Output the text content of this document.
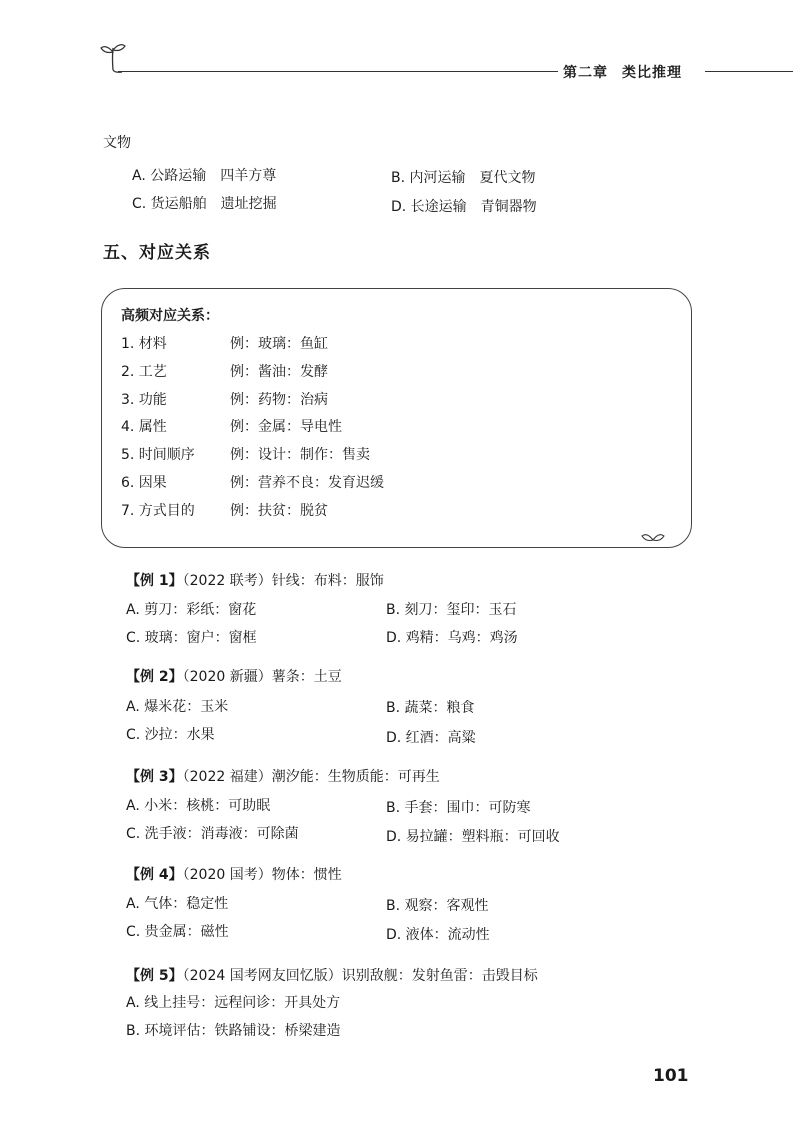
第二章 类比推理
文物
A. 公路运输　四羊方尊	B. 内河运输　夏代文物
C. 货运船舶　遗址挖掘	D. 长途运输　青铜器物
五、对应关系
高频对应关系：
1. 材料	例：玻璃：鱼缸
2. 工艺	例：酱油：发酵
3. 功能	例：药物：治病
4. 属性	例：金属：导电性
5. 时间顺序	例：设计：制作：售卖
6. 因果	例：营养不良：发育迟缓
7. 方式目的	例：扶贫：脱贫
【例 1】（2022 联考）针线：布料：服饰
A. 剪刀：彩纸：窗花	B. 刻刀：玺印：玉石
C. 玻璃：窗户：窗框	D. 鸡精：乌鸡：鸡汤
【例 2】（2020 新疆）薯条：土豆
A. 爆米花：玉米	B. 蔬菜：粮食
C. 沙拉：水果	D. 红酒：高粱
【例 3】（2022 福建）潮汐能：生物质能：可再生
A. 小米：核桃：可助眠	B. 手套：围巾：可防寒
C. 洗手液：消毒液：可除菌	D. 易拉罐：塑料瓶：可回收
【例 4】（2020 国考）物体：惯性
A. 气体：稳定性	B. 观察：客观性
C. 贵金属：磁性	D. 液体：流动性
【例 5】（2024 国考网友回忆版）识别敌舰：发射鱼雷：击毁目标
A. 线上挂号：远程问诊：开具处方
B. 环境评估：铁路铺设：桥梁建造
101
